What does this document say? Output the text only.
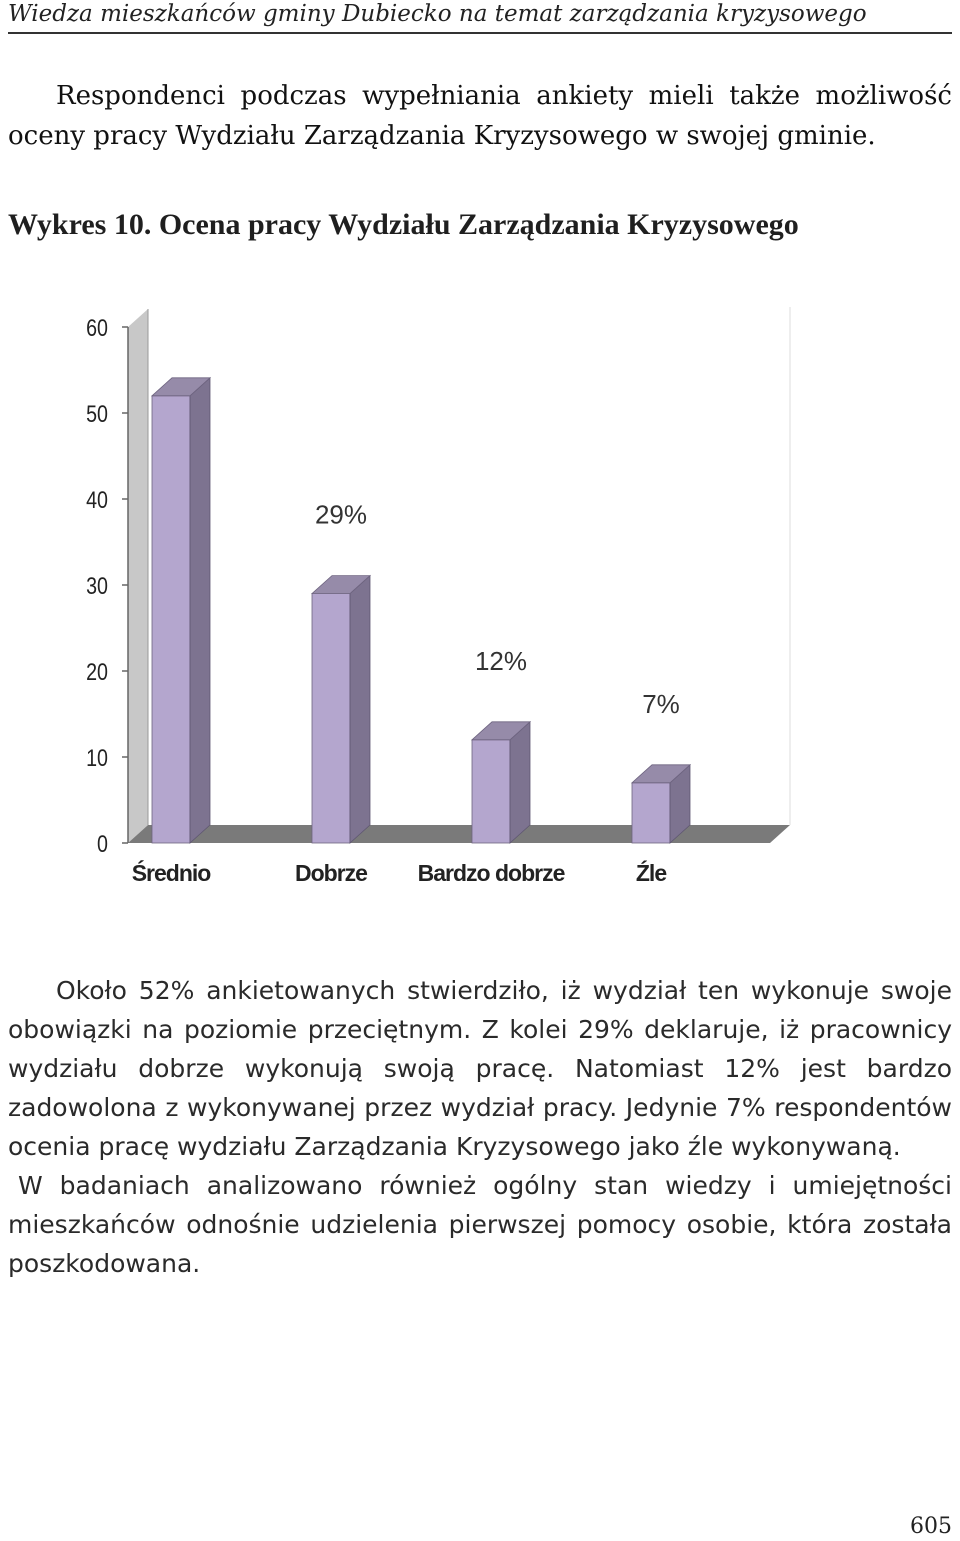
Wiedza mieszkańców gminy Dubiecko na temat zarządzania kryzysowego
Respondenci podczas wypełniania ankiety mieli także możliwość oceny pracy Wydziału Zarządzania Kryzysowego w swojej gminie.
Wykres 10. Ocena pracy Wydziału Zarządzania Kryzysowego
0
10
20
30
40
50
60
Średnio
29%
Dobrze
12%
Bardzo dobrze
7%
Źle

Około 52% ankietowanych stwierdziło, iż wydział ten wykonuje swoje obowiązki na poziomie przeciętnym. Z kolei 29% deklaruje, iż pracownicy wydziału dobrze wykonują swoją pracę. Natomiast 12% jest bardzo zadowolona z wykonywanej przez wydział pracy. Jedynie 7% respondentów ocenia pracę wydziału Zarządzania Kryzysowego jako źle wykonywaną.

W badaniach analizowano również ogólny stan wiedzy i umiejętności mieszkańców odnośnie udzielenia pierwszej pomocy osobie, która została poszkodowana.

605
